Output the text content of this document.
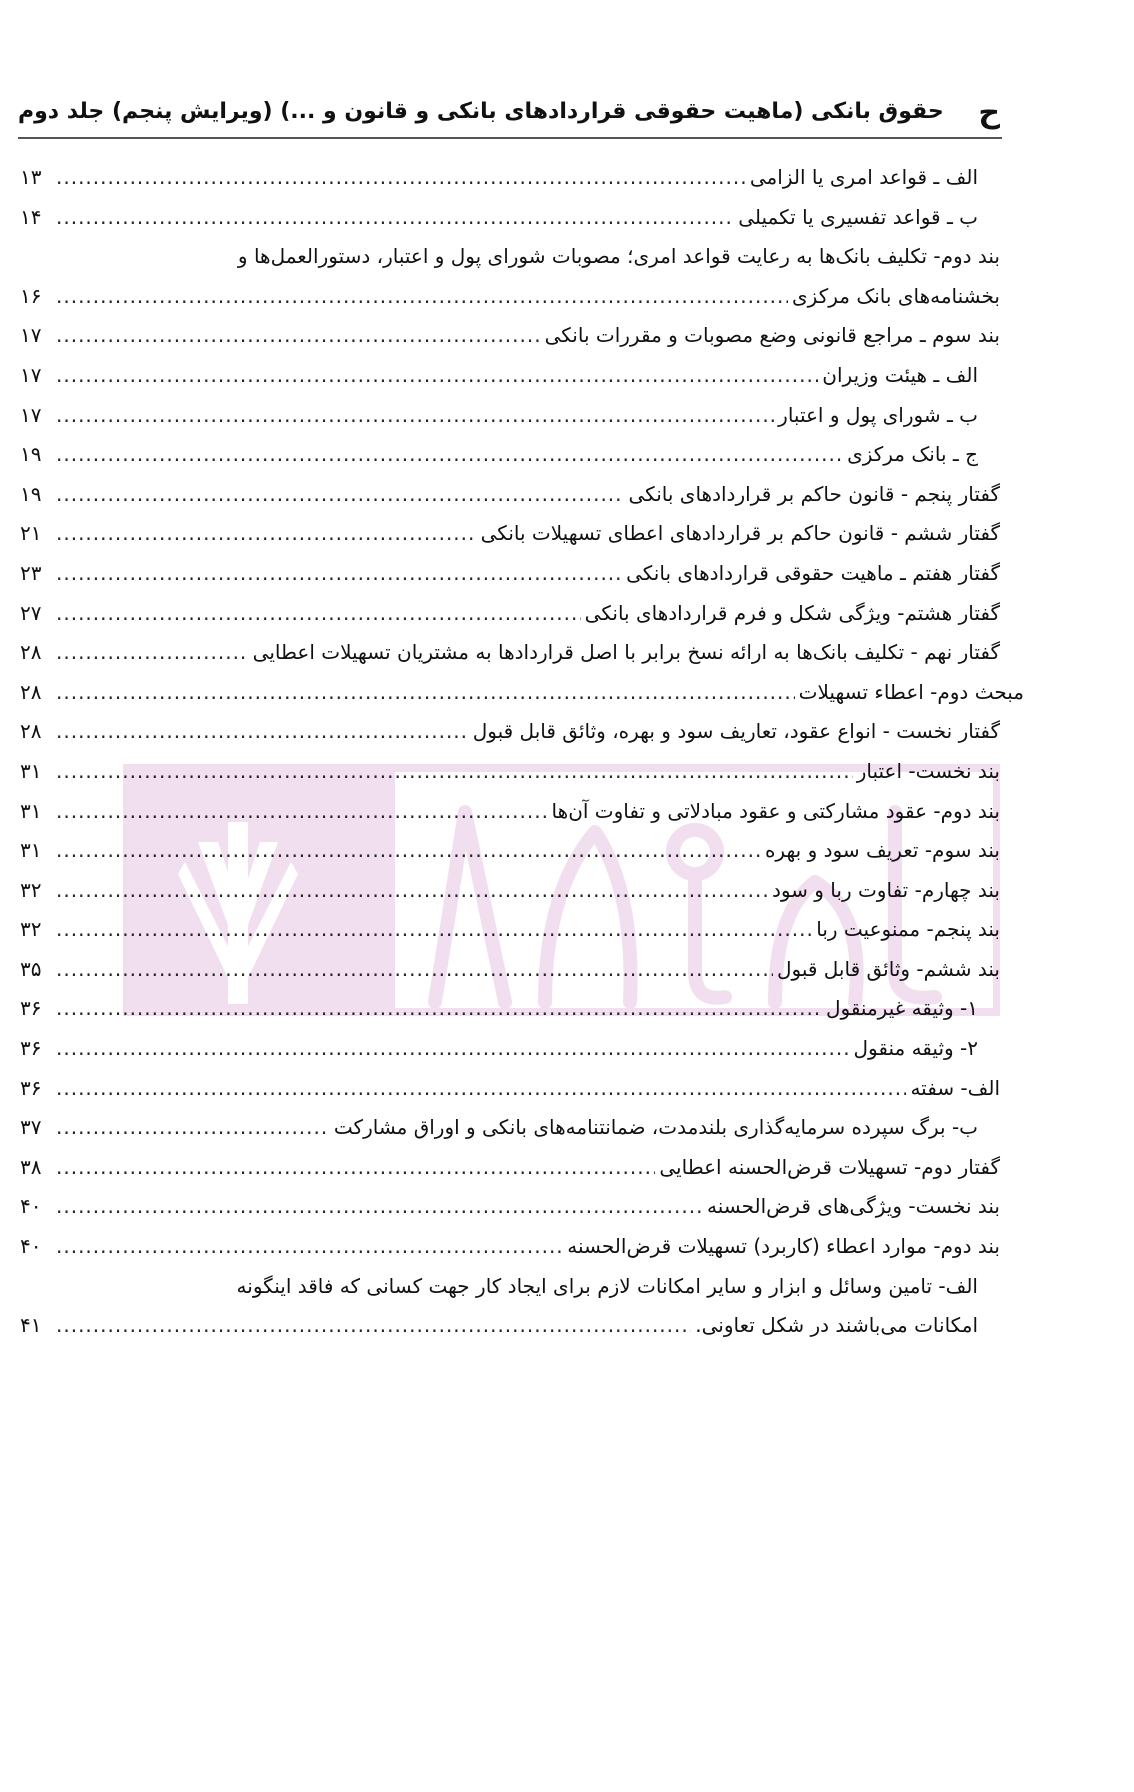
ح
حقوق بانکی (ماهیت حقوقی قراردادهای بانکی و قانون و ...) (ویرایش پنجم) جلد دوم
الف ـ قواعد امری یا الزامی
.....
۱۳
ب ـ قواعد تفسیری یا تکمیلی
.....
۱۴
بند دوم- تکلیف بانک‌ها به رعایت قواعد امری؛ مصوبات شورای پول و اعتبار، دستورالعمل‌ها و
بخشنامه‌های بانک مرکزی
.....
۱۶
بند سوم ـ مراجع قانونی وضع مصوبات و مقررات بانکی
.....
۱۷
الف ـ هیئت وزیران
.....
۱۷
ب ـ شورای پول و اعتبار
.....
۱۷
ج ـ بانک مرکزی
.....
۱۹
گفتار پنجم - قانون حاکم بر قراردادهای بانکی
.....
۱۹
گفتار ششم - قانون حاکم بر قراردادهای اعطای تسهیلات بانکی
.....
۲۱
گفتار هفتم ـ ماهیت حقوقی قراردادهای بانکی
.....
۲۳
گفتار هشتم- ویژگی شکل و فرم قراردادهای بانکی
.....
۲۷
گفتار نهم - تکلیف بانک‌ها به ارائه نسخ برابر با اصل قراردادها به مشتریان تسهیلات اعطایی
.....
۲۸
مبحث دوم- اعطاء تسهیلات
.....
۲۸
گفتار نخست - انواع عقود، تعاریف سود و بهره، وثائق قابل قبول
.....
۲۸
بند نخست- اعتبار
.....
۳۱
بند دوم- عقود مشارکتی و عقود مبادلاتی و تفاوت آن‌ها
.....
۳۱
بند سوم- تعریف سود و بهره
.....
۳۱
بند چهارم- تفاوت ربا و سود
.....
۳۲
بند پنجم- ممنوعیت ربا
.....
۳۲
بند ششم- وثائق قابل قبول
.....
۳۵
۱- وثیقه غیرمنقول
.....
۳۶
۲- وثیقه منقول
.....
۳۶
الف- سفته
.....
۳۶
ب- برگ سپرده سرمایه‌گذاری بلندمدت، ضمانتنامه‌های بانکی و اوراق مشارکت
.....
۳۷
گفتار دوم- تسهیلات قرض‌الحسنه اعطایی
.....
۳۸
بند نخست- ویژگی‌های قرض‌الحسنه
.....
۴۰
بند دوم- موارد اعطاء (کاربرد) تسهیلات قرض‌الحسنه
.....
۴۰
الف- تامین وسائل و ابزار و سایر امکانات لازم برای ایجاد کار جهت کسانی که فاقد اینگونه
امکانات می‌باشند در شکل تعاونی.
.....
۴۱
